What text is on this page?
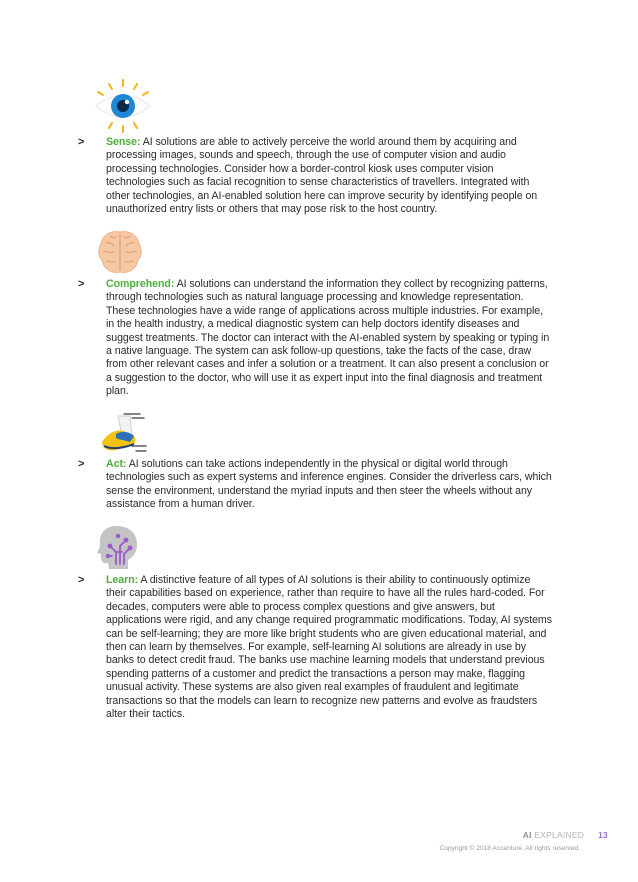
>	Sense: AI solutions are able to actively perceive the world around them by acquiring and processing images, sounds and speech, through the use of computer vision and audio processing technologies. Consider how a border-control kiosk uses computer vision technologies such as facial recognition to sense characteristics of travellers. Integrated with other technologies, an AI-enabled solution here can improve security by identifying people on unauthorized entry lists or others that may pose risk to the host country.

>	Comprehend: AI solutions can understand the information they collect by recognizing patterns, through technologies such as natural language processing and knowledge representation. These technologies have a wide range of applications across multiple industries. For example, in the health industry, a medical diagnostic system can help doctors identify diseases and suggest treatments. The doctor can interact with the AI-enabled system by speaking or typing in a native language. The system can ask follow-up questions, take the facts of the case, draw from other relevant cases and infer a solution or a treatment. It can also present a conclusion or a suggestion to the doctor, who will use it as expert input into the final diagnosis and treatment plan.

>	Act: AI solutions can take actions independently in the physical or digital world through technologies such as expert systems and inference engines. Consider the driverless cars, which sense the environment, understand the myriad inputs and then steer the wheels without any assistance from a human driver.

>	Learn: A distinctive feature of all types of AI solutions is their ability to continuously optimize their capabilities based on experience, rather than require to have all the rules hard-coded. For decades, computers were able to process complex questions and give answers, but applications were rigid, and any change required programmatic modifications. Today, AI systems can be self-learning; they are more like bright students who are given educational material, and then can learn by themselves. For example, self-learning AI solutions are already in use by banks to detect credit fraud. The banks use machine learning models that understand previous spending patterns of a customer and predict the transactions a person may make, flagging unusual activity. These systems are also given real examples of fraudulent and legitimate transactions so that the models can learn to recognize new patterns and evolve as fraudsters alter their tactics.

AI EXPLAINED 13
Copyright © 2018 Accenture. All rights reserved.
